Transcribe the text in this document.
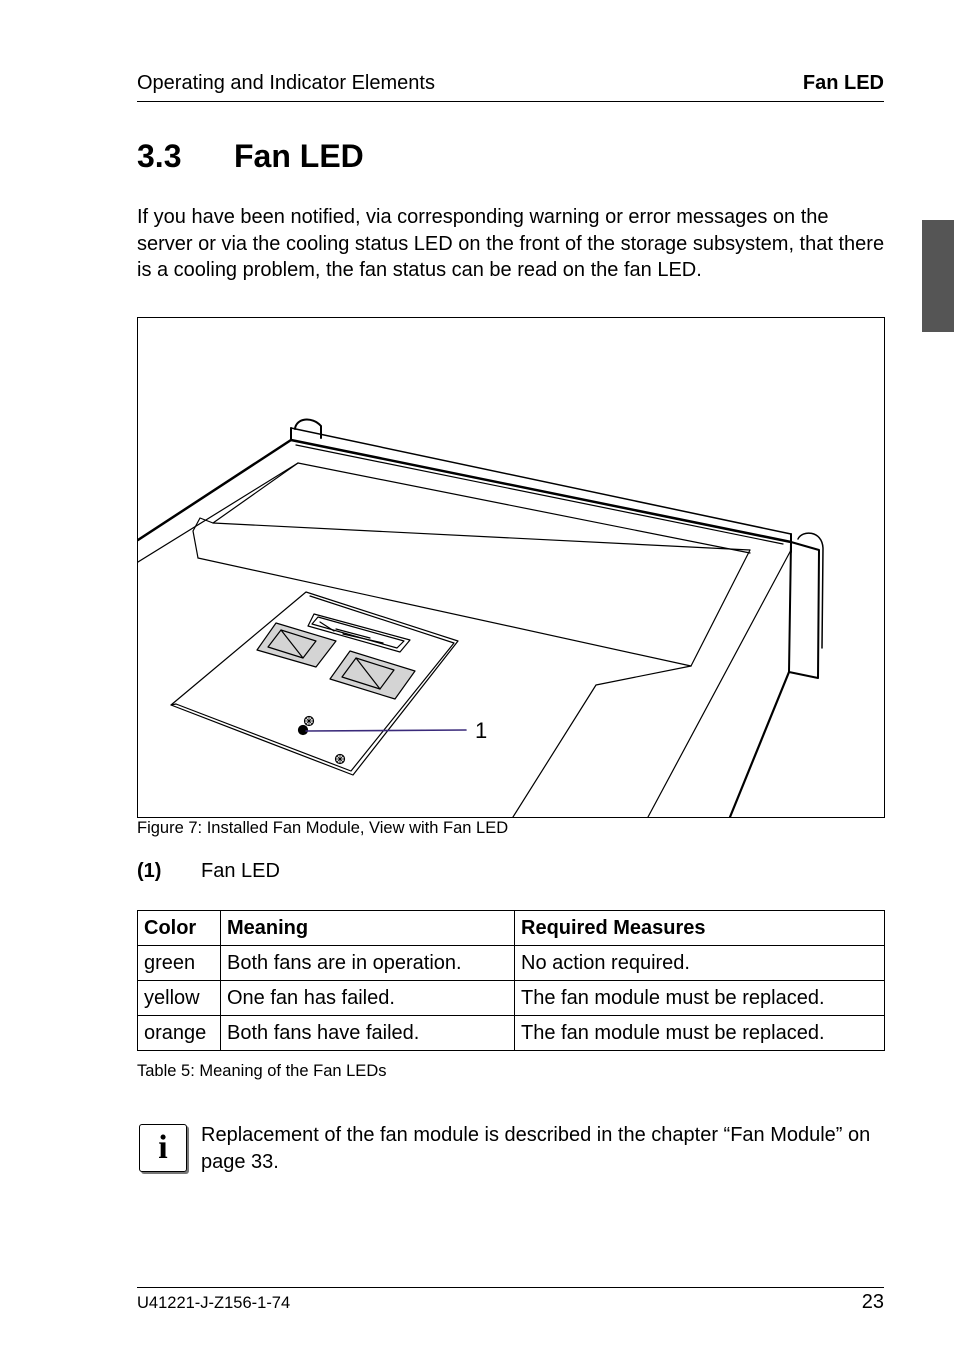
Operating and Indicator Elements	Fan LED
3.3 Fan LED
If you have been notified, via corresponding warning or error messages on the server or via the cooling status LED on the front of the storage subsystem, that there is a cooling problem, the fan status can be read on the fan LED.
1
Figure 7: Installed Fan Module, View with Fan LED
(1) Fan LED
Color	Meaning	Required Measures
green	Both fans are in operation.	No action required.
yellow	One fan has failed.	The fan module must be replaced.
orange	Both fans have failed.	The fan module must be replaced.
Table 5: Meaning of the Fan LEDs
i	Replacement of the fan module is described in the chapter “Fan Module” on page 33.
U41221-J-Z156-1-74	23
